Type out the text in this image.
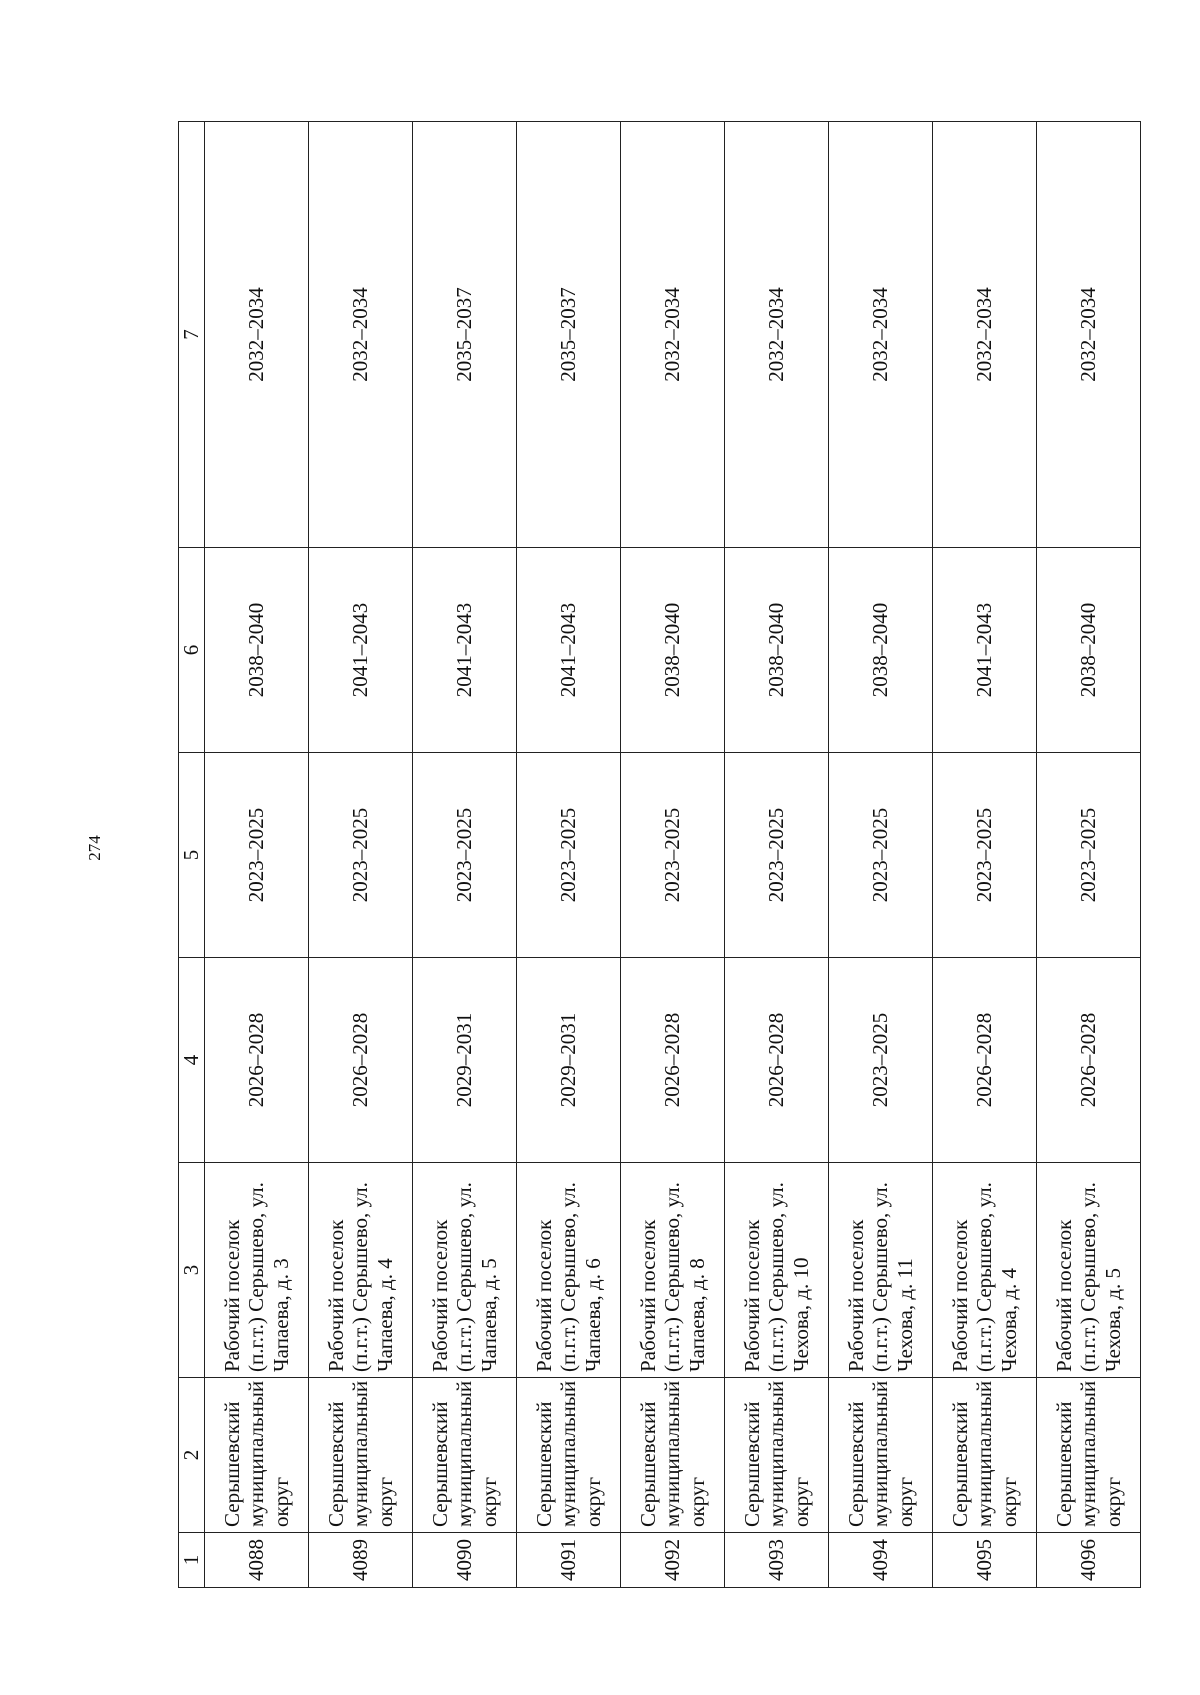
274
1	2	3	4	5	6	7
4088	Серышевский муниципальный округ	Рабочий поселок (п.г.т.) Серышево, ул. Чапаева, д. 3	2026–2028	2023–2025	2038–2040	2032–2034
4089	Серышевский муниципальный округ	Рабочий поселок (п.г.т.) Серышево, ул. Чапаева, д. 4	2026–2028	2023–2025	2041–2043	2032–2034
4090	Серышевский муниципальный округ	Рабочий поселок (п.г.т.) Серышево, ул. Чапаева, д. 5	2029–2031	2023–2025	2041–2043	2035–2037
4091	Серышевский муниципальный округ	Рабочий поселок (п.г.т.) Серышево, ул. Чапаева, д. 6	2029–2031	2023–2025	2041–2043	2035–2037
4092	Серышевский муниципальный округ	Рабочий поселок (п.г.т.) Серышево, ул. Чапаева, д. 8	2026–2028	2023–2025	2038–2040	2032–2034
4093	Серышевский муниципальный округ	Рабочий поселок (п.г.т.) Серышево, ул. Чехова, д. 10	2026–2028	2023–2025	2038–2040	2032–2034
4094	Серышевский муниципальный округ	Рабочий поселок (п.г.т.) Серышево, ул. Чехова, д. 11	2023–2025	2023–2025	2038–2040	2032–2034
4095	Серышевский муниципальный округ	Рабочий поселок (п.г.т.) Серышево, ул. Чехова, д. 4	2026–2028	2023–2025	2041–2043	2032–2034
4096	Серышевский муниципальный округ	Рабочий поселок (п.г.т.) Серышево, ул. Чехова, д. 5	2026–2028	2023–2025	2038–2040	2032–2034
